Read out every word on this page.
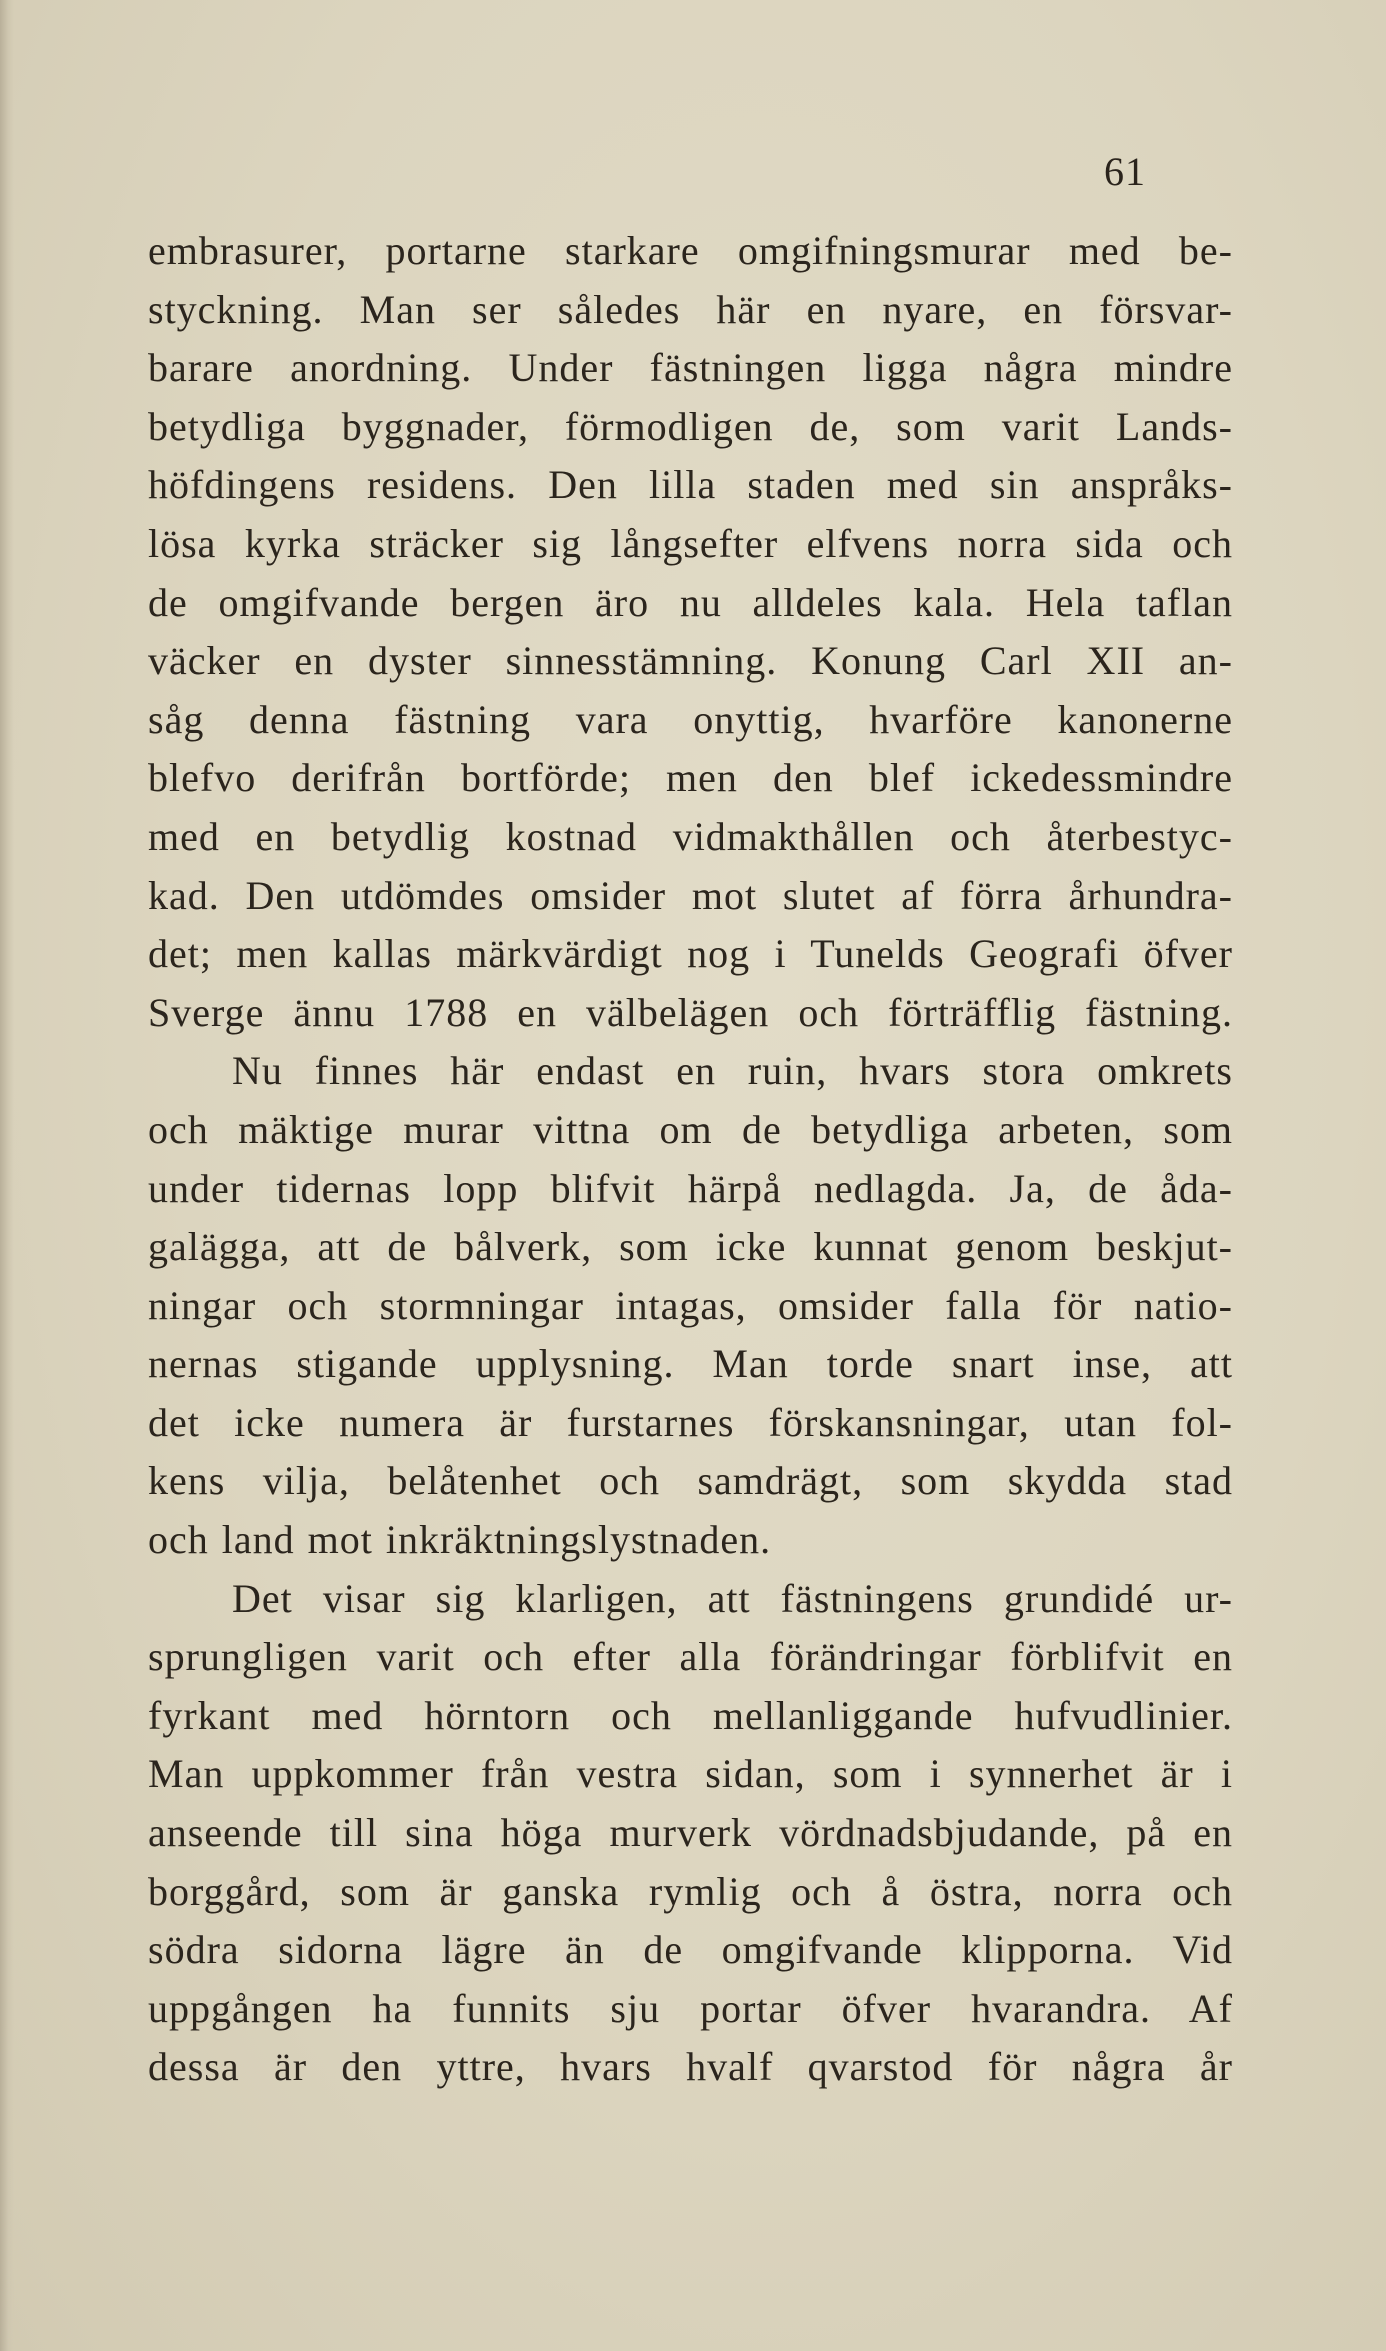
61
embrasurer, portarne starkare omgifningsmurar med be-
styckning. Man ser således här en nyare, en försvar-
barare anordning. Under fästningen ligga några mindre
betydliga byggnader, förmodligen de, som varit Lands-
höfdingens residens. Den lilla staden med sin anspråks-
lösa kyrka sträcker sig långsefter elfvens norra sida och
de omgifvande bergen äro nu alldeles kala. Hela taflan
väcker en dyster sinnesstämning. Konung Carl XII an-
såg denna fästning vara onyttig, hvarföre kanonerne
blefvo derifrån bortförde; men den blef ickedessmindre
med en betydlig kostnad vidmakthållen och återbestyc-
kad. Den utdömdes omsider mot slutet af förra århundra-
det; men kallas märkvärdigt nog i Tunelds Geografi öfver
Sverge ännu 1788 en välbelägen och förträfflig fästning.
Nu finnes här endast en ruin, hvars stora omkrets
och mäktige murar vittna om de betydliga arbeten, som
under tidernas lopp blifvit härpå nedlagda. Ja, de åda-
galägga, att de bålverk, som icke kunnat genom beskjut-
ningar och stormningar intagas, omsider falla för natio-
nernas stigande upplysning. Man torde snart inse, att
det icke numera är furstarnes förskansningar, utan fol-
kens vilja, belåtenhet och samdrägt, som skydda stad
och land mot inkräktningslystnaden.
Det visar sig klarligen, att fästningens grundidé ur-
sprungligen varit och efter alla förändringar förblifvit en
fyrkant med hörntorn och mellanliggande hufvudlinier.
Man uppkommer från vestra sidan, som i synnerhet är i
anseende till sina höga murverk vördnadsbjudande, på en
borggård, som är ganska rymlig och å östra, norra och
södra sidorna lägre än de omgifvande klipporna. Vid
uppgången ha funnits sju portar öfver hvarandra. Af
dessa är den yttre, hvars hvalf qvarstod för några år
